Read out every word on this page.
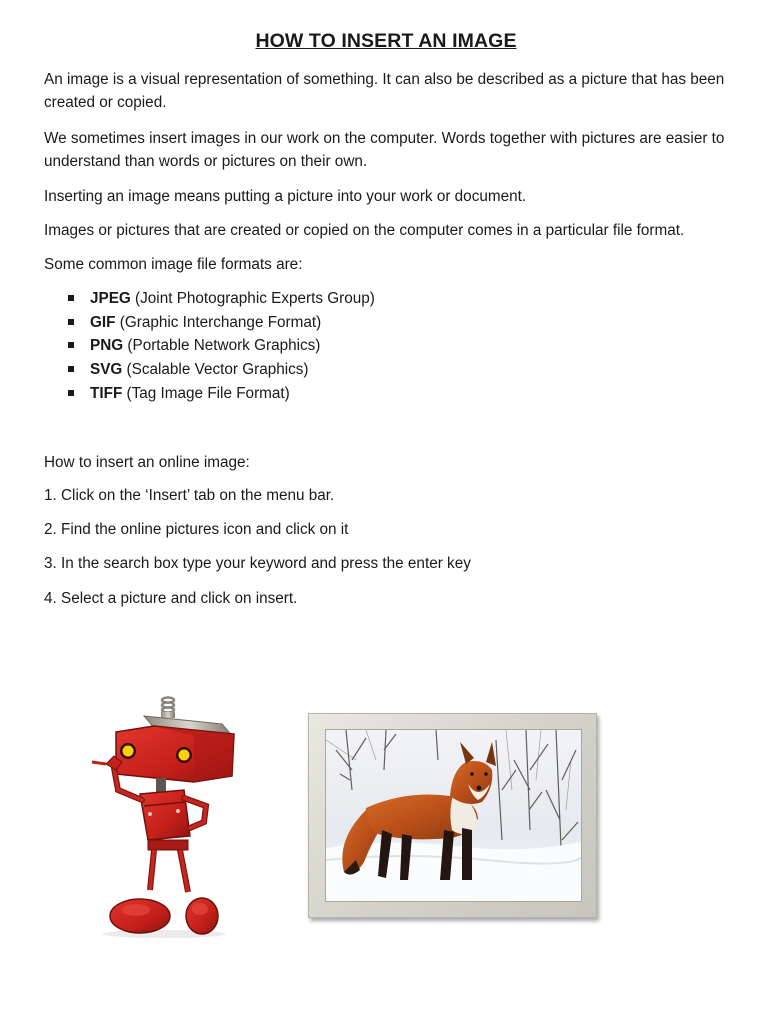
HOW TO INSERT AN IMAGE

An image is a visual representation of something. It can also be described as a picture that has been created or copied.

We sometimes insert images in our work on the computer. Words together with pictures are easier to understand than words or pictures on their own.

Inserting an image means putting a picture into your work or document.

Images or pictures that are created or copied on the computer comes in a particular file format.

Some common image file formats are:

JPEG (Joint Photographic Experts Group)
GIF (Graphic Interchange Format)
PNG (Portable Network Graphics)
SVG (Scalable Vector Graphics)
TIFF (Tag Image File Format)

How to insert an online image:

1. Click on the ‘Insert’ tab on the menu bar.
2. Find the online pictures icon and click on it
3. In the search box type your keyword and press the enter key
4. Select a picture and click on insert.
